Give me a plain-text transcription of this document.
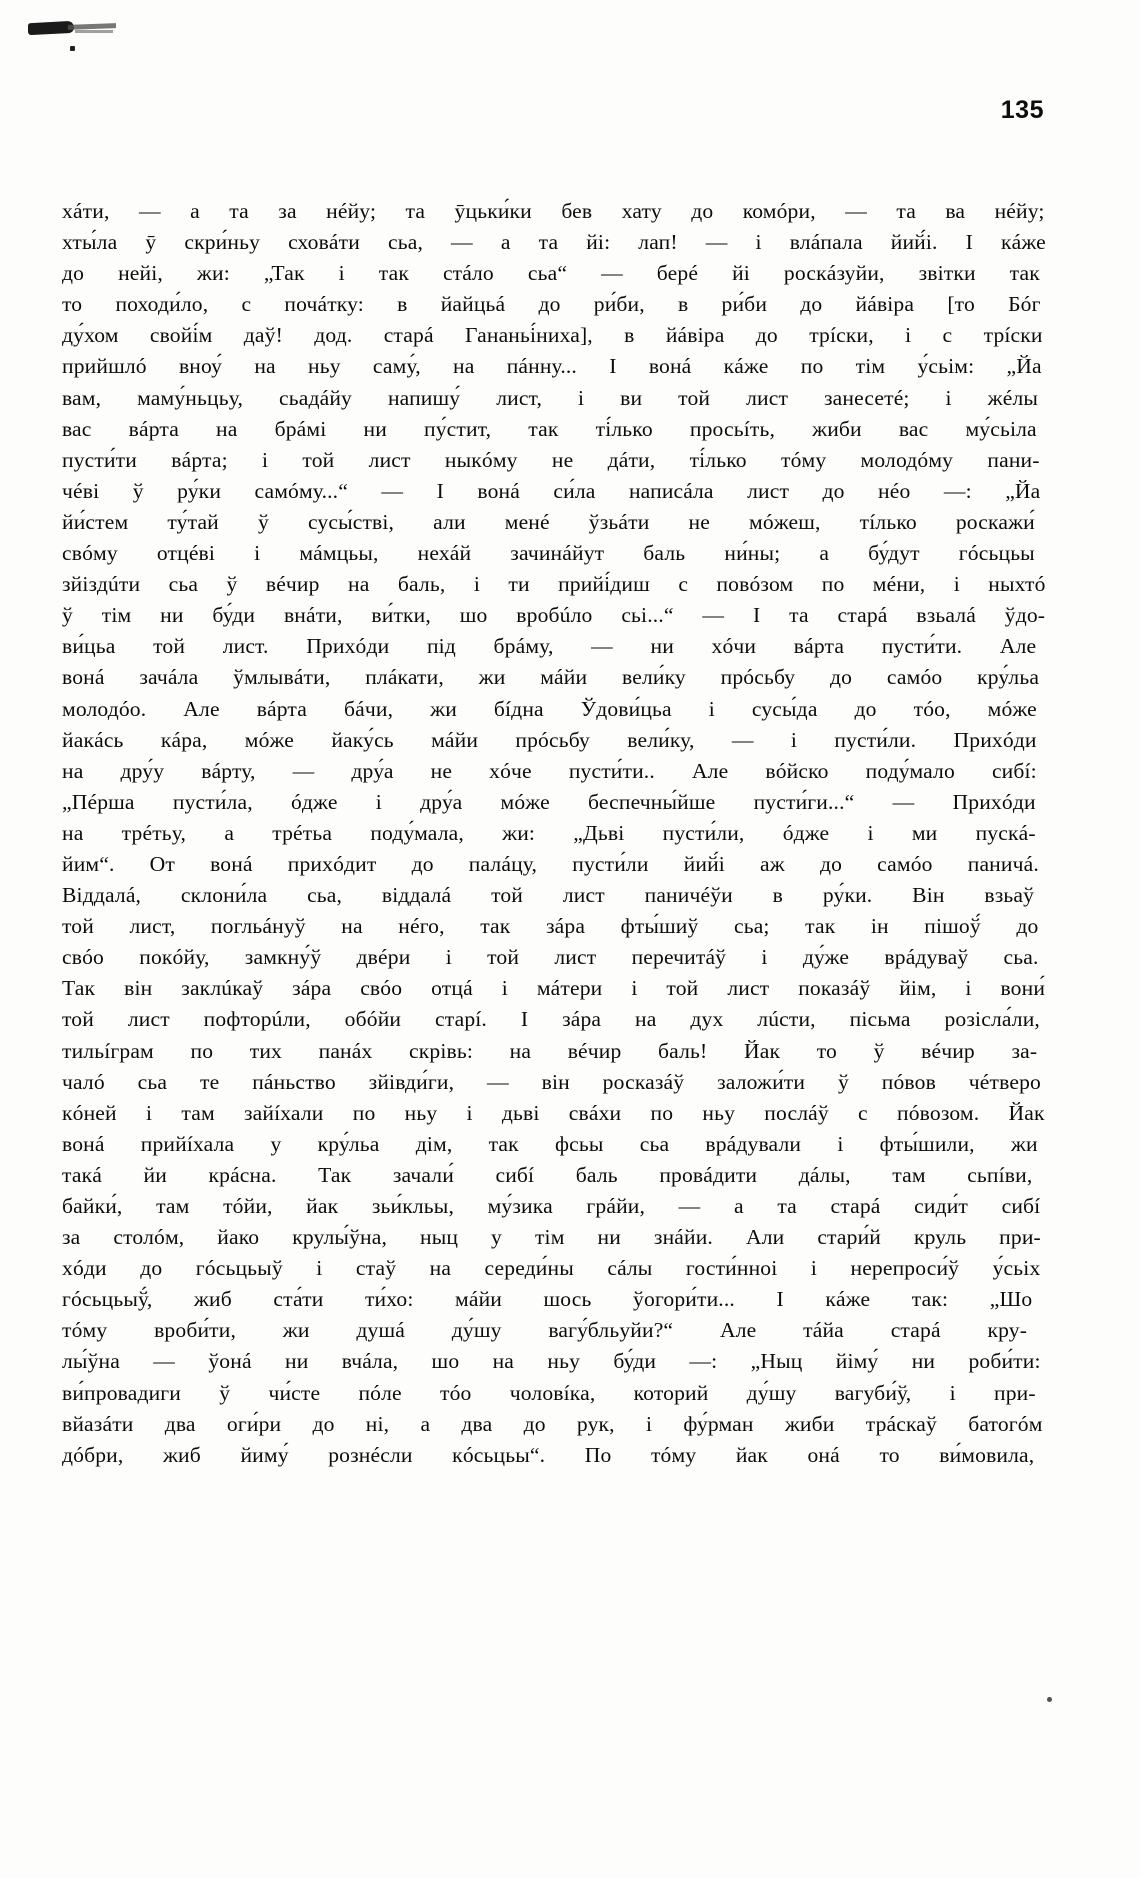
135

хáти, — а та за нéйу; та ӯцьки́ки бев хату до комóри, — та ва нéйу;
хты́ла ӯ скри́ньу сховáти сьа, — а та йі: лап! — і влáпала йий́і. І кáже
до нейі, жи: „Так і так стáло сьа“ — берé йі роскáзуйи, звітки так
то походи́ло, с почáтку: в йайцьá до ри́би, в ри́би до йáвіра [то Бóг
ду́хом свойі́м даў! дод. старá Гананьі́ниха], в йáвіра до трíски, і с трíски
прийшлó вноу́ на ньу саму́, на пáнну... І вонá кáже по тім у́сьім: „Йа
вам, маму́ньцьу, сьадáйу напишу́ лист, і ви той лист занесетé; і жéлы
вас вáрта на брáмі ни пу́стит, так ті́лько просьíть, жиби вас му́сьіла
пусти́ти вáрта; і той лист ныкóму не дáти, ті́лько тóму молодóму пани-
чéві ў ру́ки самóму...“ — І вонá си́ла написáла лист до нéо —: „Йа
йи́стем ту́тай ў сусы́стві, али менé ўзьáти не мóжеш, тíлько роскажи́
свóму отцéві і мáмцьы, нехáй зачинáйут баль ни́ны; а бу́дут гóсьцьы
зйіздúти сьа ў вéчир на баль, і ти прийі́диш с повóзом по мéни, і ныхтó
ў тім ни бу́ди внáти, ви́тки, шо вробúло сьі...“ — І та старá взьалá ўдо-
ви́цьа той лист. Прихóди під брáму, — ни хóчи вáрта пусти́ти. Але
вонá зачáла ўмлывáти, плáкати, жи мáйи вели́ку прóсьбу до самóо кру́льа
молодóо. Але вáрта бáчи, жи бíдна Ўдови́цьа і сусы́да до тóо, мóже
йакáсь кáра, мóже йаку́сь мáйи прóсьбу вели́ку, — і пусти́ли. Прихóди
на дру́у вáрту, — дру́а не хóче пусти́ти.. Але вóйско поду́мало сибí:
„Пéрша пусти́ла, óдже і дру́а мóже беспечны́йше пусти́ги...“ — Прихóди
на трéтьу, а трéтьа поду́мала, жи: „Дьві пусти́ли, óдже і ми пускá-
йим“. От вонá прихóдит до палáцу, пусти́ли йий́і аж до самóо паничá.
Віддалá, склони́ла сьа, віддалá той лист паничéўи в ру́ки. Він взьаў
той лист, погльáнуў на нéго, так зáра фты́шиў сьа; так ін пішоў́ до
свóо покóйу, замкну́ў двéри і той лист перечитáў і ду́же врáдуваў сьа.
Так він заклúкаў зáра свóо отцá і мáтери і той лист показáў йім, і вони́
той лист пофторúли, обóйи старí. І зáра на дух лúсти, пісьма розісла́ли,
тильíграм по тих панáх скрівь: на вéчир баль! Йак то ў вéчир за-
чалó сьа те пáньство зйівди́ги, — він росказáў заложи́ти ў пóвов чéтверо
кóней і там зайíхали по ньу і дьві свáхи по ньу послáў с пóвозом. Йак
вонá прийíхала у кру́льа дім, так фсьы сьа врáдували і фты́шили, жи
такá йи крáсна. Так зачали́ сибí баль провáдити дáлы, там сьпíви,
байки́, там тóйи, йак зьи́кльы, му́зика грáйи, — а та старá сиди́т сибí
за столóм, йако крулы́ўна, ныц у тім ни знáйи. Али стари́й круль при-
хóди до гóсьцьыў і стаў на середи́ны сáлы гости́нноі і нерепроси́ў у́сьіх
гóсьцьыў́, жиб ста́ти ти́хо: мáйи шось ўогори́ти... І кáже так: „Шо
тóму вроби́ти, жи душá ду́шу вагу́бльуйи?“ Але тáйа старá кру-
лы́ўна — ўонá ни вчáла, шо на ньу бу́ди —: „Ныц йіму́ ни роби́ти:
ви́провадиги ў чи́сте пóле тóо чоловíка, которий ду́шу вагуби́ў, і при-
вйазáти два оги́ри до ні, а два до рук, і фу́рман жиби трáскаў батогóм
дóбри, жиб йиму́ рознéсли кóсьцьы“. По тóму йак онá то ви́мовила,
